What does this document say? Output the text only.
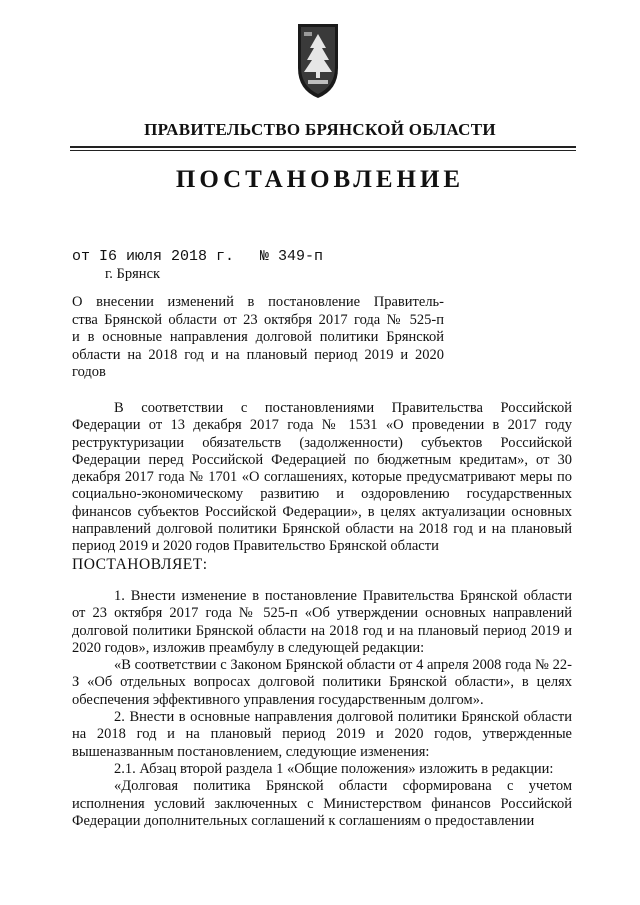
ПРАВИТЕЛЬСТВО БРЯНСКОЙ ОБЛАСТИ
ПОСТАНОВЛЕНИЕ
от I6 июля 2018 г. № 349-п
г. Брянск
О внесении изменений в постановление Правитель-
ства Брянской области от 23 октября 2017 года № 525-п
и в основные направления долговой политики Брянской
области на 2018 год и на плановый период 2019 и 2020 годов

В соответствии с постановлениями Правительства Российской Федерации от 13 декабря 2017 года № 1531 «О проведении в 2017 году реструктуризации обязательств (задолженности) субъектов Российской Федерации перед Российской Федерацией по бюджетным кредитам», от 30 декабря 2017 года № 1701 «О соглашениях, которые предусматривают меры по социально-экономическому развитию и оздоровлению государственных финансов субъектов Российской Федерации», в целях актуализации основных направлений долговой политики Брянской области на 2018 год и на плановый период 2019 и 2020 годов Правительство Брянской области

ПОСТАНОВЛЯЕТ:

1. Внести изменение в постановление Правительства Брянской области от 23 октября 2017 года № 525-п «Об утверждении основных направлений долговой политики Брянской области на 2018 год и на плановый период 2019 и 2020 годов», изложив преамбулу в следующей редакции:

«В соответствии с Законом Брянской области от 4 апреля 2008 года № 22-З «Об отдельных вопросах долговой политики Брянской области», в целях обеспечения эффективного управления государственным долгом».

2. Внести в основные направления долговой политики Брянской области на 2018 год и на плановый период 2019 и 2020 годов, утвержденные вышеназванным постановлением, следующие изменения:

2.1. Абзац второй раздела 1 «Общие положения» изложить в редакции:

«Долговая политика Брянской области сформирована с учетом исполнения условий заключенных с Министерством финансов Российской Федерации дополнительных соглашений к соглашениям о предоставлении
